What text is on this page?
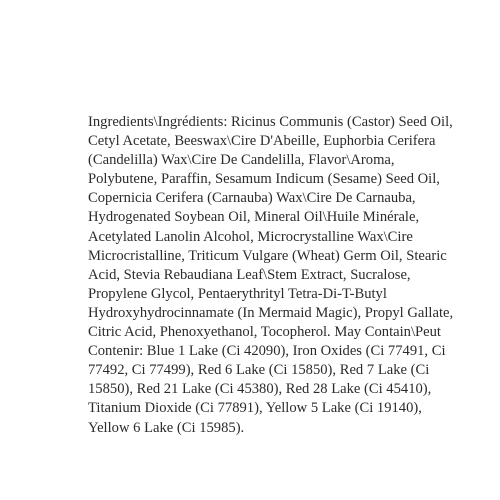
Ingredients\Ingrédients: Ricinus Communis (Castor) Seed Oil,
Cetyl Acetate, Beeswax\Cire D'Abeille, Euphorbia Cerifera
(Candelilla) Wax\Cire De Candelilla, Flavor\Aroma,
Polybutene, Paraffin, Sesamum Indicum (Sesame) Seed Oil,
Copernicia Cerifera (Carnauba) Wax\Cire De Carnauba,
Hydrogenated Soybean Oil, Mineral Oil\Huile Minérale,
Acetylated Lanolin Alcohol, Microcrystalline Wax\Cire
Microcristalline, Triticum Vulgare (Wheat) Germ Oil, Stearic
Acid, Stevia Rebaudiana Leaf\Stem Extract, Sucralose,
Propylene Glycol, Pentaerythrityl Tetra-Di-T-Butyl
Hydroxyhydrocinnamate (In Mermaid Magic), Propyl Gallate,
Citric Acid, Phenoxyethanol, Tocopherol. May Contain\Peut
Contenir: Blue 1 Lake (Ci 42090), Iron Oxides (Ci 77491, Ci
77492, Ci 77499), Red 6 Lake (Ci 15850), Red 7 Lake (Ci
15850), Red 21 Lake (Ci 45380), Red 28 Lake (Ci 45410),
Titanium Dioxide (Ci 77891), Yellow 5 Lake (Ci 19140),
Yellow 6 Lake (Ci 15985).
